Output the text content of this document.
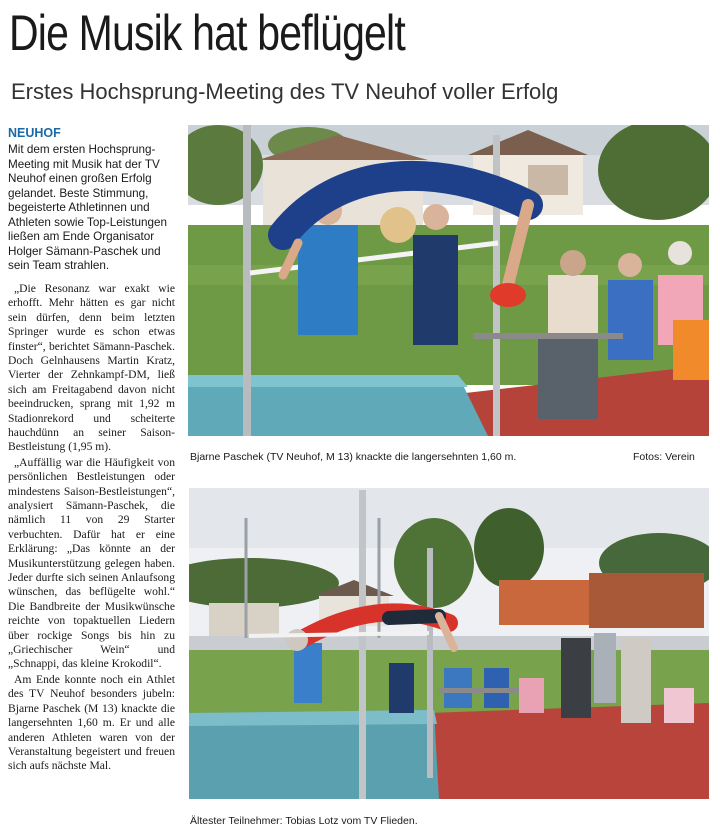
Die Musik hat beflügelt
Erstes Hochsprung-Meeting des TV Neuhof voller Erfolg

NEUHOF

Mit dem ersten Hochsprung-Meeting mit Musik hat der TV Neuhof einen großen Erfolg gelandet. Beste Stimmung, begeisterte Athletinnen und Athleten sowie Top-Leistungen ließen am Ende Organisator Holger Sämann-Paschek und sein Team strahlen.

„Die Resonanz war exakt wie erhofft. Mehr hätten es gar nicht sein dürfen, denn beim letzten Springer wurde es schon etwas finster“, berichtet Sämann-Paschek. Doch Gelnhausens Martin Kratz, Vierter der Zehnkampf-DM, ließ sich am Freitagabend davon nicht beeindrucken, sprang mit 1,92 m Stadionrekord und scheiterte hauchdünn an seiner Saison-Bestleistung (1,95 m).

„Auffällig war die Häufigkeit von persönlichen Bestleistungen oder mindestens Saison-Bestleistungen“, analysiert Sämann-Paschek, die nämlich 11 von 29 Starter verbuchten. Dafür hat er eine Erklärung: „Das könnte an der Musikunterstützung gelegen haben. Jeder durfte sich seinen Anlaufsong wünschen, das beflügelte wohl.“ Die Bandbreite der Musikwünsche reichte von topaktuellen Liedern über rockige Songs bis hin zu „Griechischer Wein“ und „Schnappi, das kleine Krokodil“.

Am Ende konnte noch ein Athlet des TV Neuhof besonders jubeln: Bjarne Paschek (M 13) knackte die langersehnten 1,60 m. Er und alle anderen Athleten waren von der Veranstaltung begeistert und freuen sich aufs nächste Mal.

Bjarne Paschek (TV Neuhof, M 13) knackte die langersehnten 1,60 m.	Fotos: Verein
Ältester Teilnehmer: Tobias Lotz vom TV Flieden.
